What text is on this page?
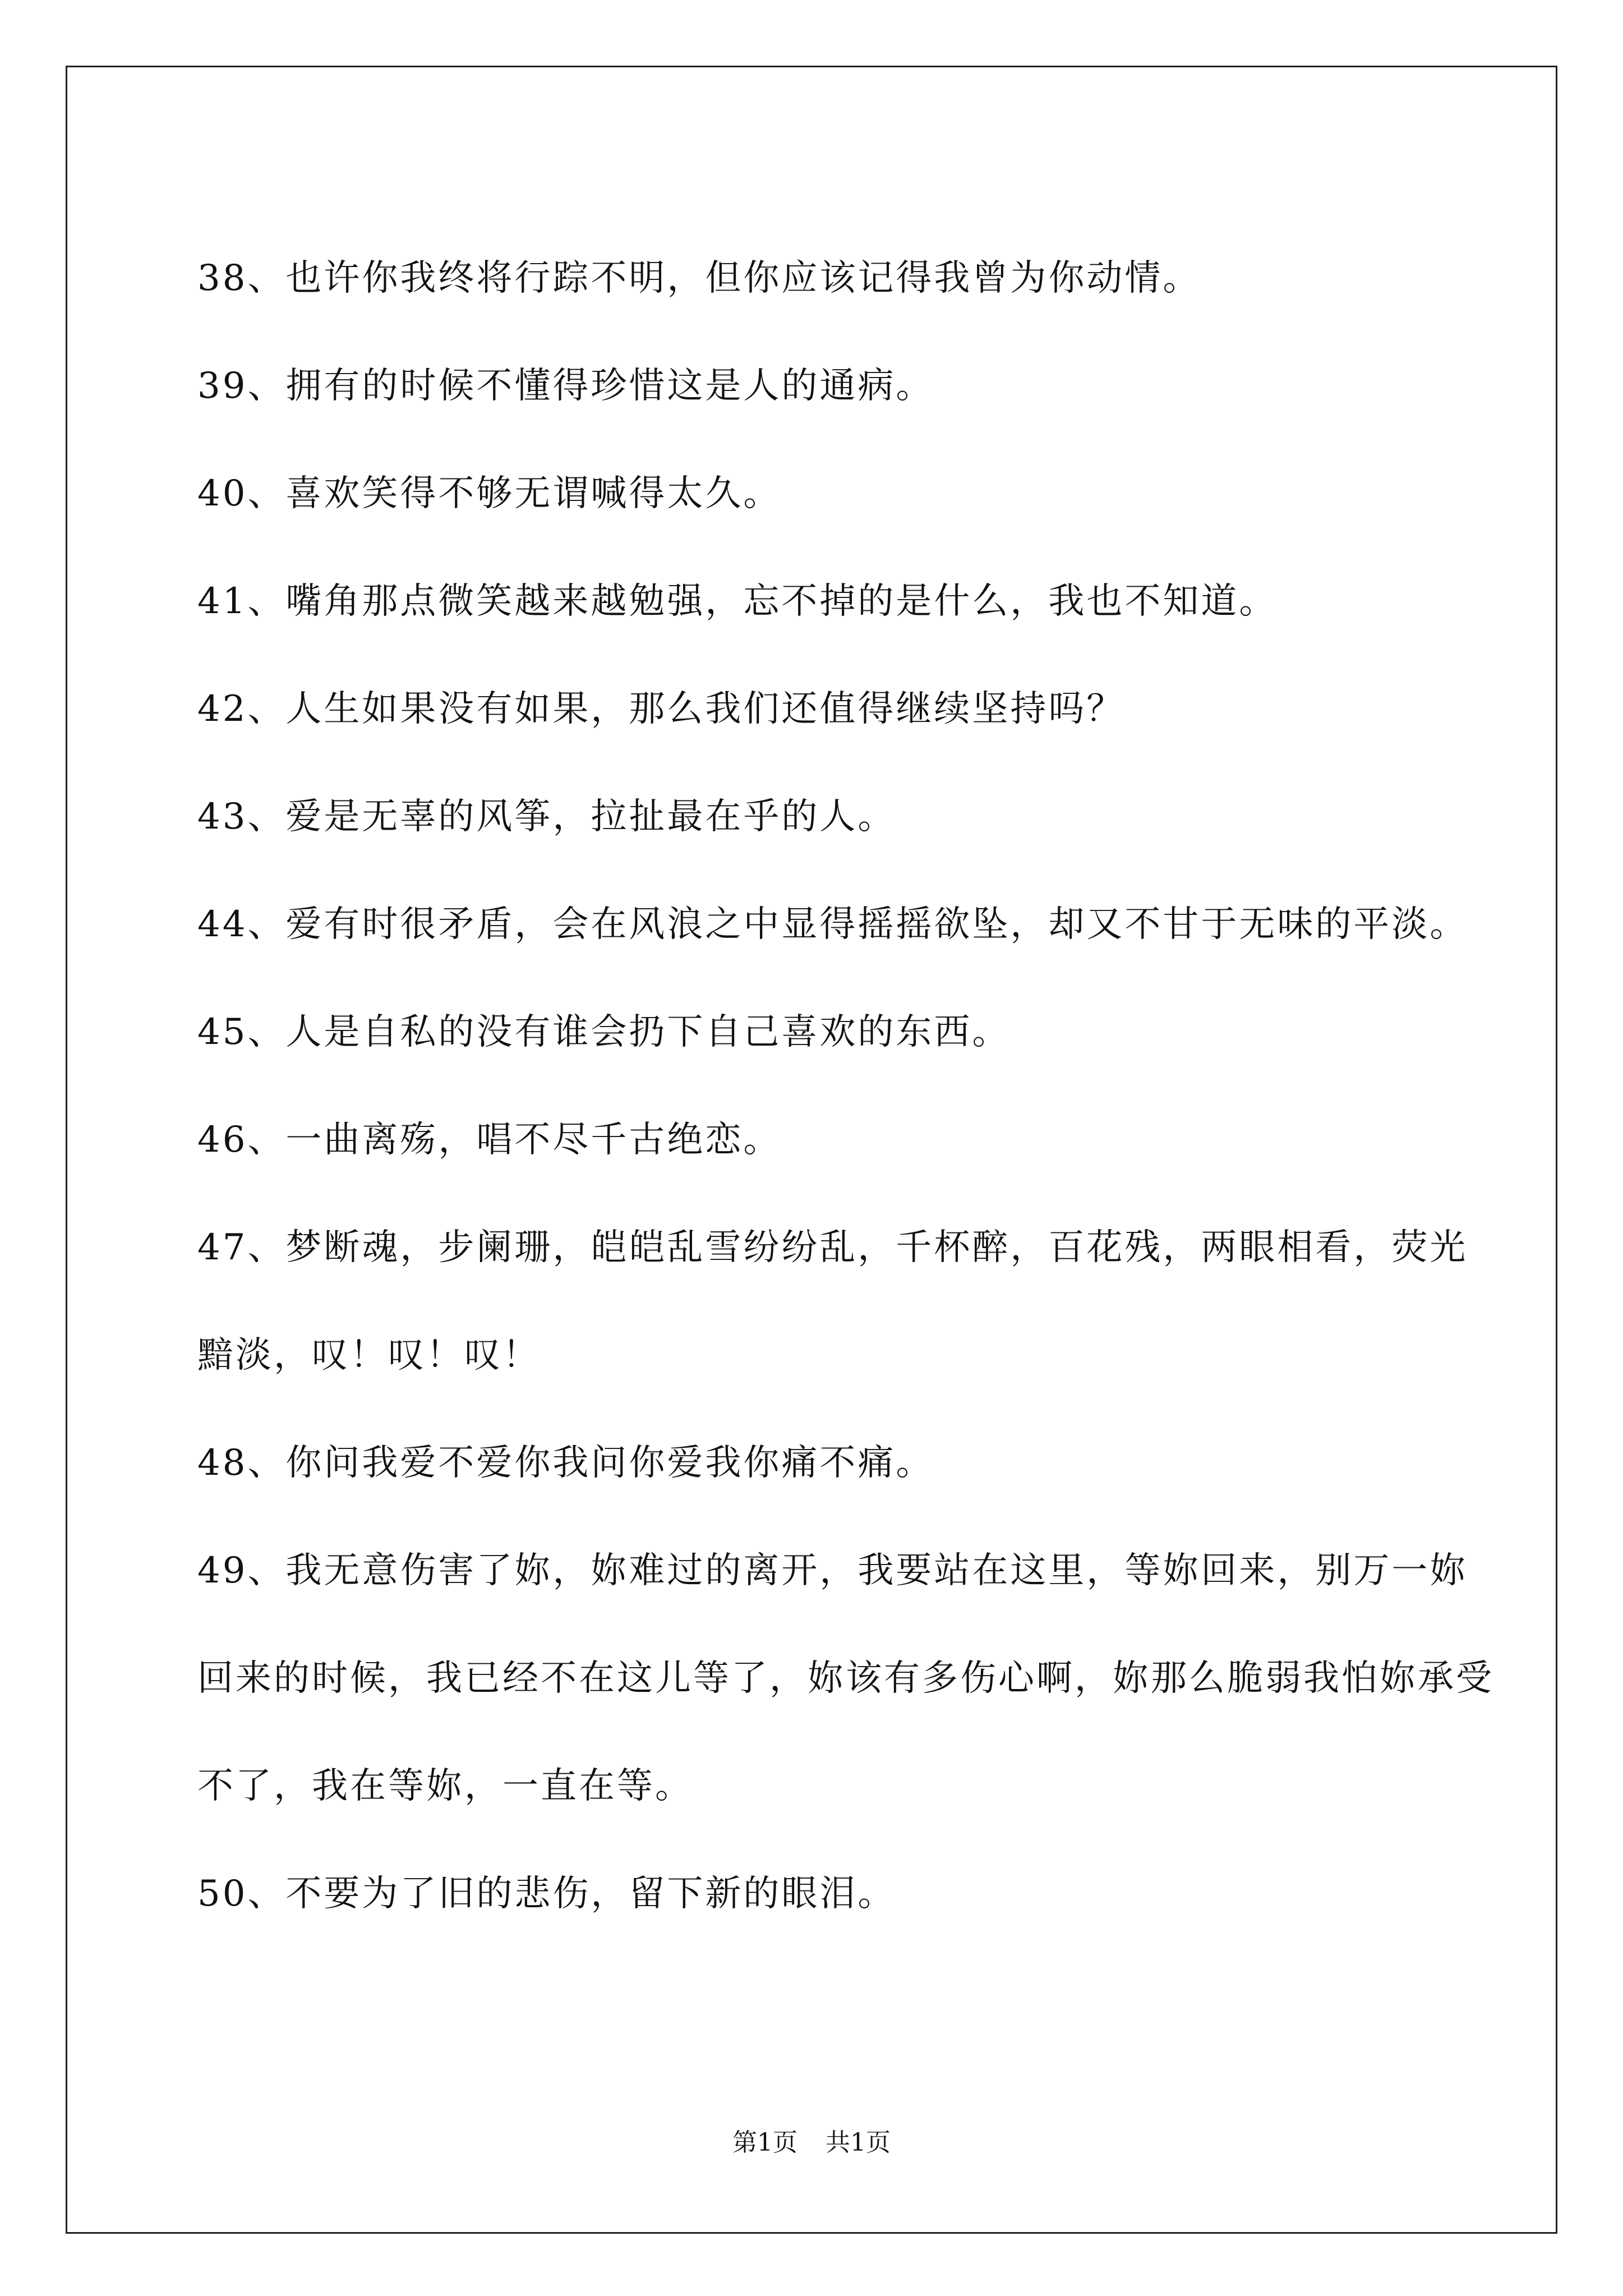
38、也许你我终将行踪不明，但你应该记得我曾为你动情。

39、拥有的时候不懂得珍惜这是人的通病。

40、喜欢笑得不够无谓喊得太久。

41、嘴角那点微笑越来越勉强，忘不掉的是什么，我也不知道。

42、人生如果没有如果，那么我们还值得继续坚持吗？

43、爱是无辜的风筝，拉扯最在乎的人。

44、爱有时很矛盾，会在风浪之中显得摇摇欲坠，却又不甘于无味的平淡。

45、人是自私的没有谁会扔下自己喜欢的东西。

46、一曲离殇，唱不尽千古绝恋。

47、梦断魂，步阑珊，皑皑乱雪纷纷乱，千杯醉，百花残，两眼相看，荧光黯淡，叹！叹！叹！

48、你问我爱不爱你我问你爱我你痛不痛。

49、我无意伤害了妳，妳难过的离开，我要站在这里，等妳回来，别万一妳回来的时候，我已经不在这儿等了，妳该有多伤心啊，妳那么脆弱我怕妳承受不了，我在等妳，一直在等。

50、不要为了旧的悲伤，留下新的眼泪。

第1页 共1页
